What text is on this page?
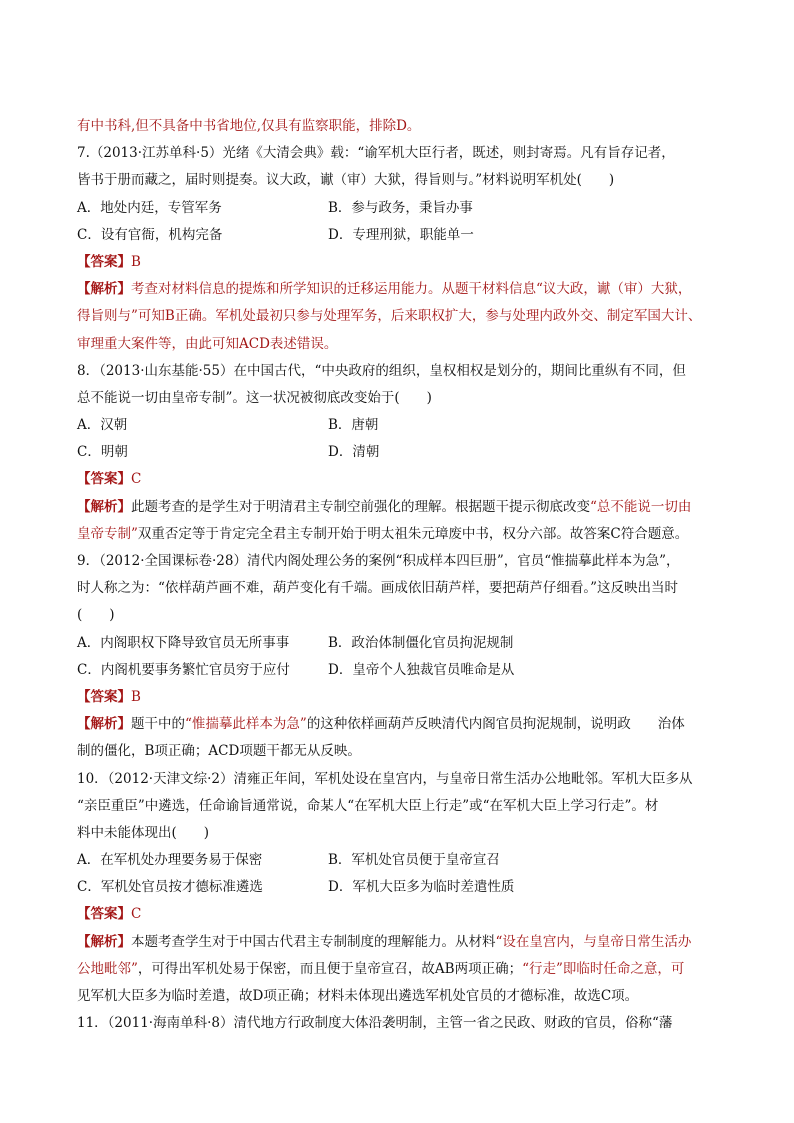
有中书科,但不具备中书省地位,仅具有监察职能，排除D。
7.（2013·江苏单科·5）光绪《大清会典》载：“谕军机大臣行者，既述，则封寄焉。凡有旨存记者，
皆书于册而藏之，届时则提奏。议大政，谳（审）大狱，得旨则与。”材料说明军机处(　　)
A．地处内廷，专管军务	B．参与政务，秉旨办事
C．设有官衙，机构完备	D．专理刑狱，职能单一
【答案】B
【解析】考查对材料信息的提炼和所学知识的迁移运用能力。从题干材料信息“议大政，谳（审）大狱，
得旨则与”可知B正确。军机处最初只参与处理军务，后来职权扩大，参与处理内政外交、制定军国大计、
审理重大案件等，由此可知ACD表述错误。
8．（2013·山东基能·55）在中国古代，“中央政府的组织，皇权相权是划分的，期间比重纵有不同，但
总不能说一切由皇帝专制”。这一状况被彻底改变始于(　　)
A．汉朝	B．唐朝
C．明朝	D．清朝
【答案】C
【解析】此题考查的是学生对于明清君主专制空前强化的理解。根据题干提示彻底改变“总不能说一切由
皇帝专制”双重否定等于肯定完全君主专制开始于明太祖朱元璋废中书，权分六部。故答案C符合题意。
9．（2012·全国课标卷·28）清代内阁处理公务的案例“积成样本四巨册”，官员“惟揣摹此样本为急”，
时人称之为：“依样葫芦画不难，葫芦变化有千端。画成依旧葫芦样，要把葫芦仔细看。”这反映出当时
(　　)
A．内阁职权下降导致官员无所事事	B．政治体制僵化官员拘泥规制
C．内阁机要事务繁忙官员穷于应付	D．皇帝个人独裁官员唯命是从
【答案】B
【解析】题干中的“惟揣摹此样本为急”的这种依样画葫芦反映清代内阁官员拘泥规制，说明政　　治体
制的僵化，B项正确；ACD项题干都无从反映。
10．（2012·天津文综·2）清雍正年间，军机处设在皇宫内，与皇帝日常生活办公地毗邻。军机大臣多从
“亲臣重臣”中遴选，任命谕旨通常说，命某人“在军机大臣上行走”或“在军机大臣上学习行走”。材
料中未能体现出(　　)
A．在军机处办理要务易于保密	B．军机处官员便于皇帝宣召
C．军机处官员按才德标准遴选	D．军机大臣多为临时差遣性质
【答案】C
【解析】本题考查学生对于中国古代君主专制制度的理解能力。从材料“设在皇宫内，与皇帝日常生活办
公地毗邻”，可得出军机处易于保密，而且便于皇帝宣召，故AB两项正确；“行走”即临时任命之意，可
见军机大臣多为临时差遣，故D项正确；材料未体现出遴选军机处官员的才德标准，故选C项。
11．（2011·海南单科·8）清代地方行政制度大体沿袭明制，主管一省之民政、财政的官员，俗称“藩
